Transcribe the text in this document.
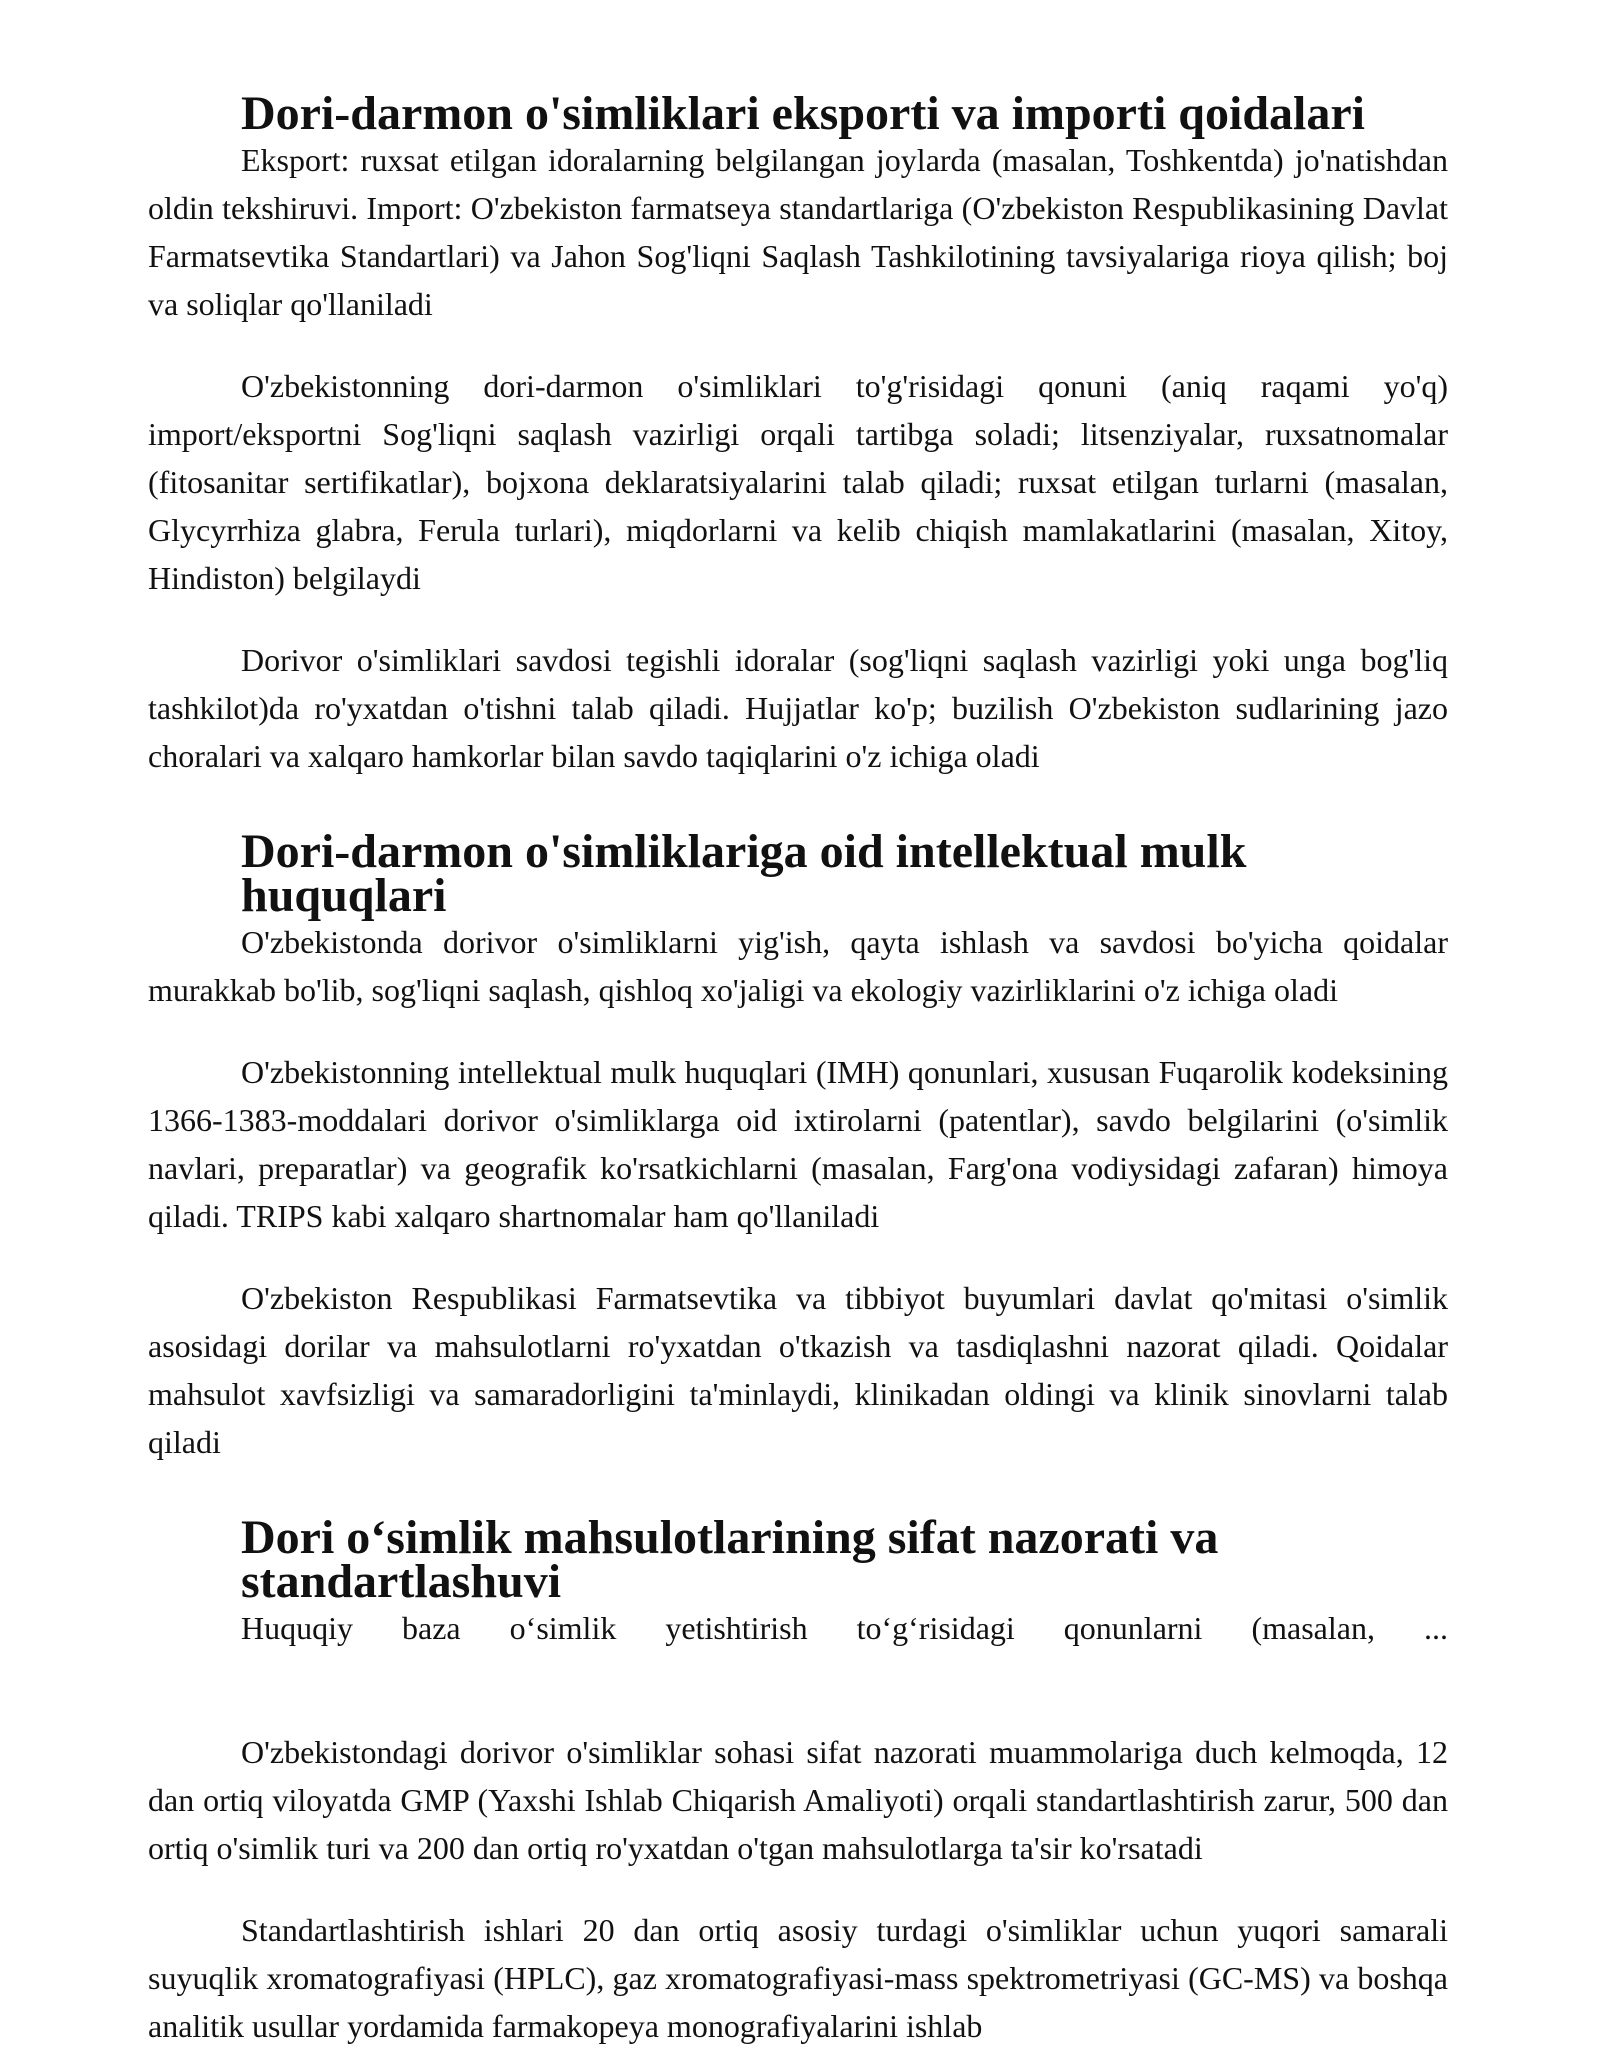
Dori-darmon o'simliklari eksporti va importi qoidalari

Eksport: ruxsat etilgan idoralarning belgilangan joylarda (masalan, Toshkentda) jo'natishdan oldin tekshiruvi. Import: O'zbekiston farmatseya standartlariga (O'zbekiston Respublikasining Davlat Farmatsevtika Standartlari) va Jahon Sog'liqni Saqlash Tashkilotining tavsiyalariga rioya qilish; boj va soliqlar qo'llaniladi

O'zbekistonning dori-darmon o'simliklari to'g'risidagi qonuni (aniq raqami yo'q) import/eksportni Sog'liqni saqlash vazirligi orqali tartibga soladi; litsenziyalar, ruxsatnomalar (fitosanitar sertifikatlar), bojxona deklaratsiyalarini talab qiladi; ruxsat etilgan turlarni (masalan, Glycyrrhiza glabra, Ferula turlari), miqdorlarni va kelib chiqish mamlakatlarini (masalan, Xitoy, Hindiston) belgilaydi

Dorivor o'simliklari savdosi tegishli idoralar (sog'liqni saqlash vazirligi yoki unga bog'liq tashkilot)da ro'yxatdan o'tishni talab qiladi. Hujjatlar ko'p; buzilish O'zbekiston sudlarining jazo choralari va xalqaro hamkorlar bilan savdo taqiqlarini o'z ichiga oladi

Dori-darmon o'simliklariga oid intellektual mulk huquqlari

O'zbekistonda dorivor o'simliklarni yig'ish, qayta ishlash va savdosi bo'yicha qoidalar murakkab bo'lib, sog'liqni saqlash, qishloq xo'jaligi va ekologiy vazirliklarini o'z ichiga oladi

O'zbekistonning intellektual mulk huquqlari (IMH) qonunlari, xususan Fuqarolik kodeksining 1366-1383-moddalari dorivor o'simliklarga oid ixtirolarni (patentlar), savdo belgilarini (o'simlik navlari, preparatlar) va geografik ko'rsatkichlarni (masalan, Farg'ona vodiysidagi zafaran) himoya qiladi. TRIPS kabi xalqaro shartnomalar ham qo'llaniladi

O'zbekiston Respublikasi Farmatsevtika va tibbiyot buyumlari davlat qo'mitasi o'simlik asosidagi dorilar va mahsulotlarni ro'yxatdan o'tkazish va tasdiqlashni nazorat qiladi. Qoidalar mahsulot xavfsizligi va samaradorligini ta'minlaydi, klinikadan oldingi va klinik sinovlarni talab qiladi

Dori o‘simlik mahsulotlarining sifat nazorati va standartlashuvi

Huquqiy baza o‘simlik yetishtirish to‘g‘risidagi qonunlarni (masalan, ...

O'zbekistondagi dorivor o'simliklar sohasi sifat nazorati muammolariga duch kelmoqda, 12 dan ortiq viloyatda GMP (Yaxshi Ishlab Chiqarish Amaliyoti) orqali standartlashtirish zarur, 500 dan ortiq o'simlik turi va 200 dan ortiq ro'yxatdan o'tgan mahsulotlarga ta'sir ko'rsatadi

Standartlashtirish ishlari 20 dan ortiq asosiy turdagi o'simliklar uchun yuqori samarali suyuqlik xromatografiyasi (HPLC), gaz xromatografiyasi-mass spektrometriyasi (GC-MS) va boshqa analitik usullar yordamida farmakopeya monografiyalarini ishlab
